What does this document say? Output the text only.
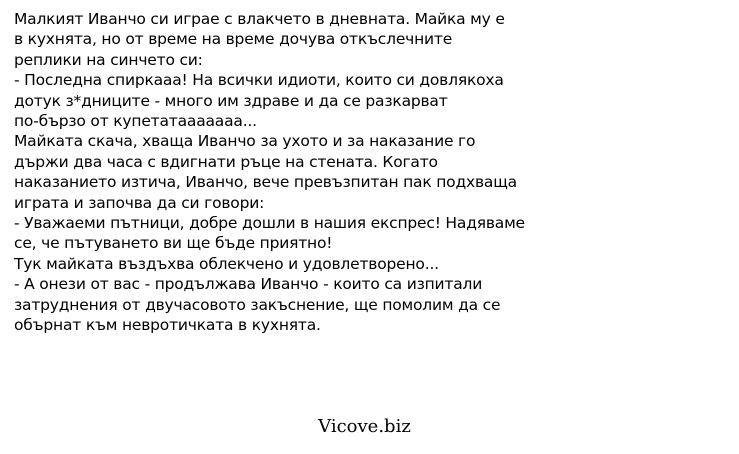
Малкият Иванчо си играе с влакчето в дневната. Майка му е
в кухнята, но от време на време дочува откъслечните
реплики на синчето си:
- Последна спиркааа! На всички идиоти, които си довлякоха
дотук з*дниците - много им здраве и да се разкарват
по-бързо от купетатааааааа...
Майката скача, хваща Иванчо за ухото и за наказание го
държи два часа с вдигнати ръце на стената. Когато
наказанието изтича, Иванчо, вече превъзпитан пак подхваща
играта и започва да си говори:
- Уважаеми пътници, добре дошли в нашия експрес! Надяваме
се, че пътуването ви ще бъде приятно!
Тук майката въздъхва облекчено и удовлетворено...
- А онези от вас - продължава Иванчо - които са изпитали
затруднения от двучасовото закъснение, ще помолим да се
обърнат към невротичката в кухнята.
Vicove.biz
